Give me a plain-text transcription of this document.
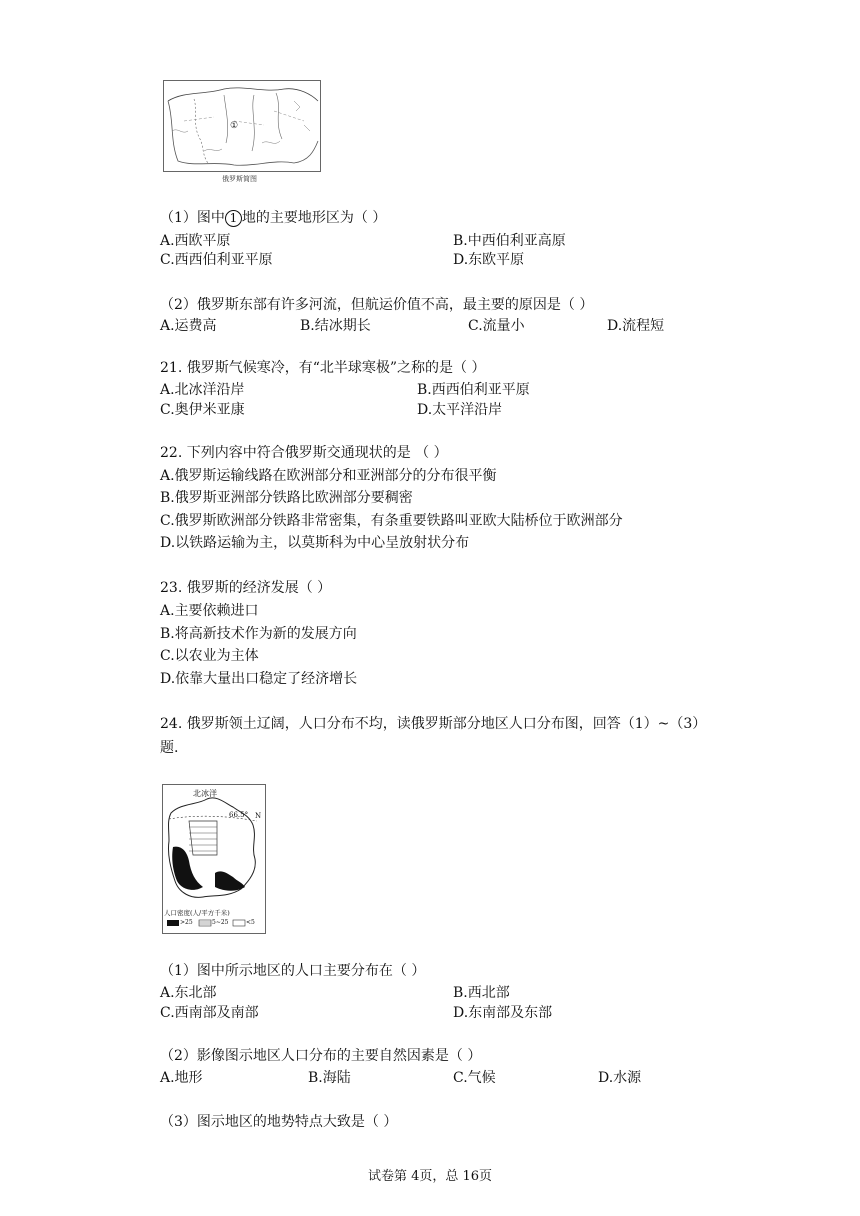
①
俄罗斯简图
（1）图中 1 地的主要地形区为（ ）
A.西欧平原	B.中西伯利亚高原
C.西西伯利亚平原	D.东欧平原
（2）俄罗斯东部有许多河流，但航运价值不高，最主要的原因是（ ）
A.运费高	B.结冰期长	C.流量小	D.流程短
21. 俄罗斯气候寒冷，有“北半球寒极”之称的是（ ）
A.北冰洋沿岸	B.西西伯利亚平原
C.奥伊米亚康	D.太平洋沿岸
22. 下列内容中符合俄罗斯交通现状的是 （ ）
A.俄罗斯运输线路在欧洲部分和亚洲部分的分布很平衡
B.俄罗斯亚洲部分铁路比欧洲部分要稠密
C.俄罗斯欧洲部分铁路非常密集，有条重要铁路叫亚欧大陆桥位于欧洲部分
D.以铁路运输为主，以莫斯科为中心呈放射状分布
23. 俄罗斯的经济发展（ ）
A.主要依赖进口
B.将高新技术作为新的发展方向
C.以农业为主体
D.依靠大量出口稳定了经济增长
24. 俄罗斯领土辽阔，人口分布不均，读俄罗斯部分地区人口分布图，回答（1）~（3）
题.
北冰洋
66.5° N
人口密度(人/平方千米)
>25	5~25	<5
（1）图中所示地区的人口主要分布在（ ）
A.东北部	B.西北部
C.西南部及南部	D.东南部及东部
（2）影像图示地区人口分布的主要自然因素是（ ）
A.地形	B.海陆	C.气候	D.水源
（3）图示地区的地势特点大致是（ ）
试卷第 4页，总 16页
